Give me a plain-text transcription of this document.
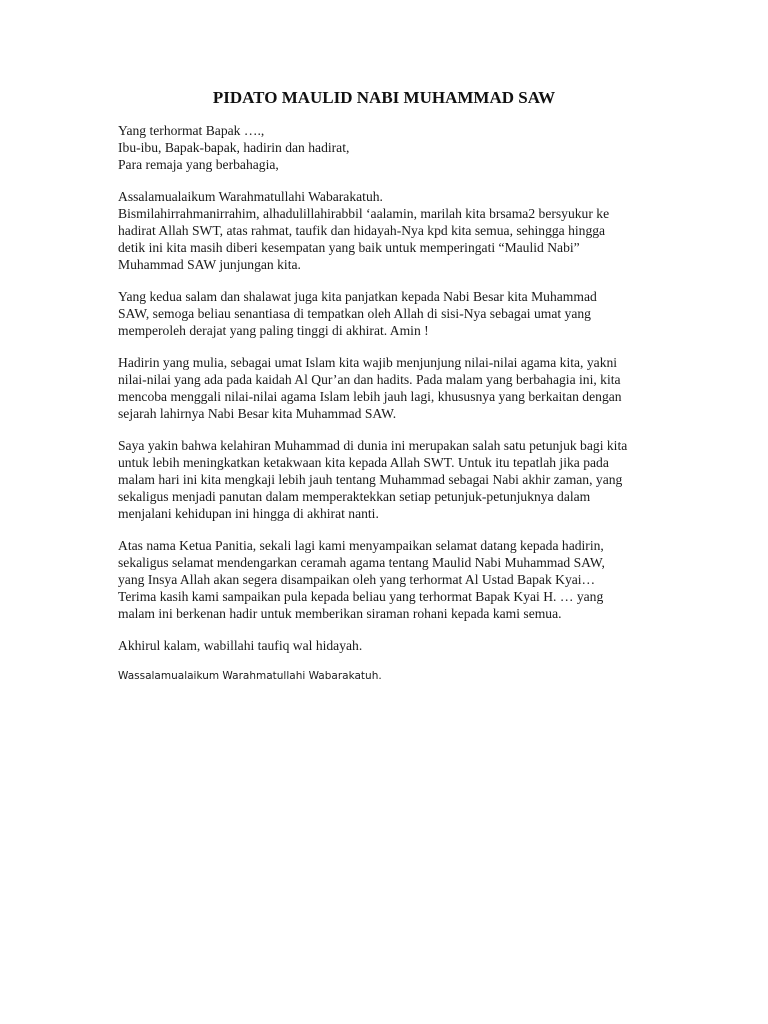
PIDATO MAULID NABI MUHAMMAD SAW

Yang terhormat Bapak ….,
Ibu-ibu, Bapak-bapak, hadirin dan hadirat,
Para remaja yang berbahagia,

Assalamualaikum Warahmatullahi Wabarakatuh.
Bismilahirrahmanirrahim, alhadulillahirabbil ‘aalamin, marilah kita brsama2 bersyukur ke
hadirat Allah SWT, atas rahmat, taufik dan hidayah-Nya kpd kita semua, sehingga hingga
detik ini kita masih diberi kesempatan yang baik untuk memperingati “Maulid Nabi”
Muhammad SAW junjungan kita.

Yang kedua salam dan shalawat juga kita panjatkan kepada Nabi Besar kita Muhammad
SAW, semoga beliau senantiasa di tempatkan oleh Allah di sisi-Nya sebagai umat yang
memperoleh derajat yang paling tinggi di akhirat. Amin !

Hadirin yang mulia, sebagai umat Islam kita wajib menjunjung nilai-nilai agama kita, yakni
nilai-nilai yang ada pada kaidah Al Qur’an dan hadits. Pada malam yang berbahagia ini, kita
mencoba menggali nilai-nilai agama Islam lebih jauh lagi, khususnya yang berkaitan dengan
sejarah lahirnya Nabi Besar kita Muhammad SAW.

Saya yakin bahwa kelahiran Muhammad di dunia ini merupakan salah satu petunjuk bagi kita
untuk lebih meningkatkan ketakwaan kita kepada Allah SWT. Untuk itu tepatlah jika pada
malam hari ini kita mengkaji lebih jauh tentang Muhammad sebagai Nabi akhir zaman, yang
sekaligus menjadi panutan dalam memperaktekkan setiap petunjuk-petunjuknya dalam
menjalani kehidupan ini hingga di akhirat nanti.

Atas nama Ketua Panitia, sekali lagi kami menyampaikan selamat datang kepada hadirin,
sekaligus selamat mendengarkan ceramah agama tentang Maulid Nabi Muhammad SAW,
yang Insya Allah akan segera disampaikan oleh yang terhormat Al Ustad Bapak Kyai…
Terima kasih kami sampaikan pula kepada beliau yang terhormat Bapak Kyai H. … yang
malam ini berkenan hadir untuk memberikan siraman rohani kepada kami semua.

Akhirul kalam, wabillahi taufiq wal hidayah.

Wassalamualaikum Warahmatullahi Wabarakatuh.
